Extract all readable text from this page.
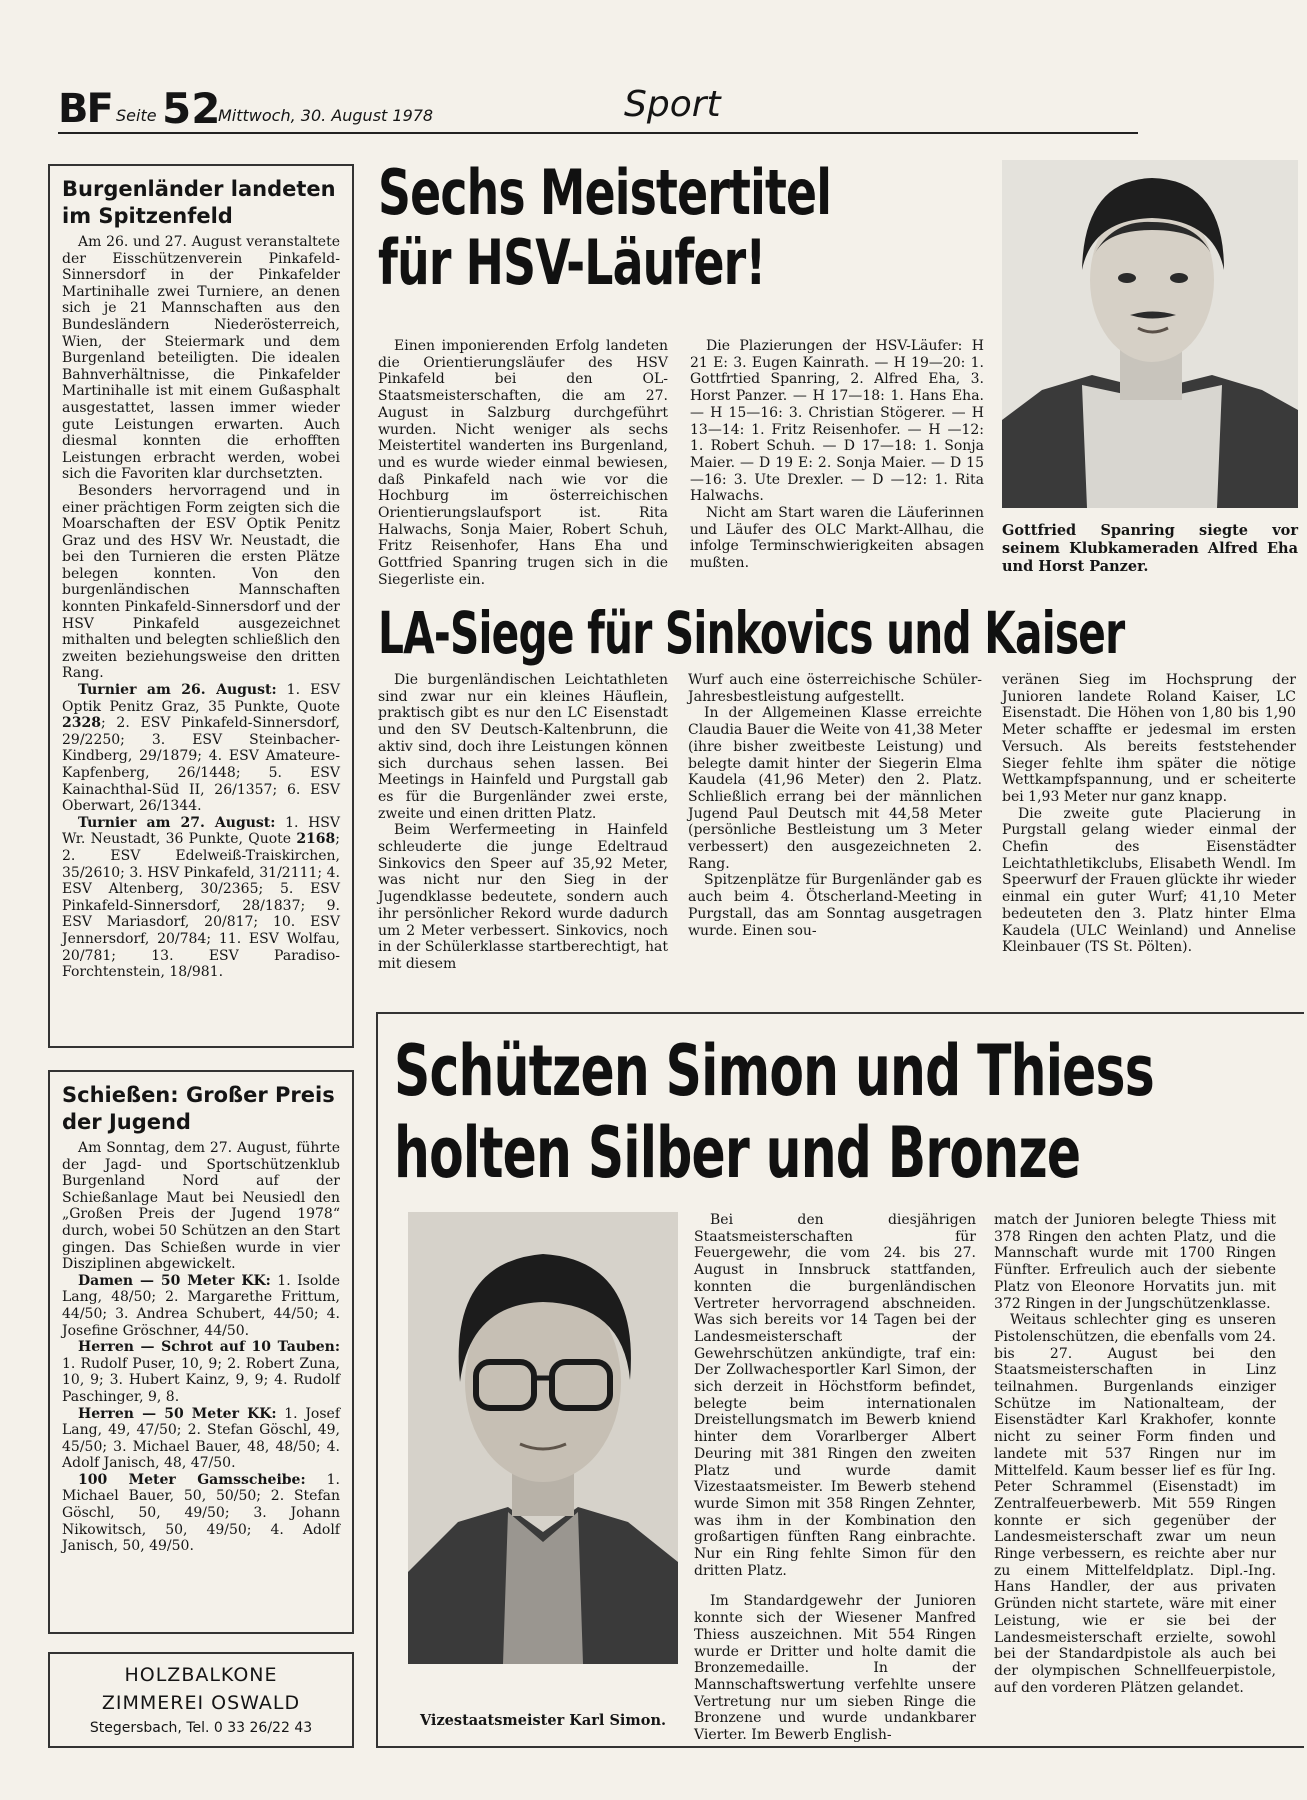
BF Seite 52
Mittwoch, 30. August 1978	Sport
Burgenländer landeten im Spitzenfeld

Am 26. und 27. August veranstaltete der Eisschützenverein Pinkafeld-Sinnersdorf in der Pinkafelder Martinihalle zwei Turniere, an denen sich je 21 Mannschaften aus den Bundesländern Niederösterreich, Wien, der Steiermark und dem Burgenland beteiligten. Die idealen Bahnverhältnisse, die Pinkafelder Martinihalle ist mit einem Gußasphalt ausgestattet, lassen immer wieder gute Leistungen erwarten. Auch diesmal konnten die erhofften Leistungen erbracht werden, wobei sich die Favoriten klar durchsetzten.

Besonders hervorragend und in einer prächtigen Form zeigten sich die Moarschaften der ESV Optik Penitz Graz und des HSV Wr. Neustadt, die bei den Turnieren die ersten Plätze belegen konnten. Von den burgenländischen Mannschaften konnten Pinkafeld-Sinnersdorf und der HSV Pinkafeld ausgezeichnet mithalten und belegten schließlich den zweiten beziehungsweise den dritten Rang.

Turnier am 26. August: 1. ESV Optik Penitz Graz, 35 Punkte, Quote 2328; 2. ESV Pinkafeld-Sinnersdorf, 29/2250; 3. ESV Steinbacher-Kindberg, 29/1879; 4. ESV Amateure-Kapfenberg, 26/1448; 5. ESV Kainachthal-Süd II, 26/1357; 6. ESV Oberwart, 26/1344.

Turnier am 27. August: 1. HSV Wr. Neustadt, 36 Punkte, Quote 2168; 2. ESV Edelweiß-Traiskirchen, 35/2610; 3. HSV Pinkafeld, 31/2111; 4. ESV Altenberg, 30/2365; 5. ESV Pinkafeld-Sinnersdorf, 28/1837; 9. ESV Mariasdorf, 20/817; 10. ESV Jennersdorf, 20/784; 11. ESV Wolfau, 20/781; 13. ESV Paradiso-Forchtenstein, 18/981.

Schießen: Großer Preis der Jugend

Am Sonntag, dem 27. August, führte der Jagd- und Sportschützenklub Burgenland Nord auf der Schießanlage Maut bei Neusiedl den „Großen Preis der Jugend 1978“ durch, wobei 50 Schützen an den Start gingen. Das Schießen wurde in vier Disziplinen abgewickelt.

Damen — 50 Meter KK: 1. Isolde Lang, 48/50; 2. Margarethe Frittum, 44/50; 3. Andrea Schubert, 44/50; 4. Josefine Gröschner, 44/50.

Herren — Schrot auf 10 Tauben: 1. Rudolf Puser, 10, 9; 2. Robert Zuna, 10, 9; 3. Hubert Kainz, 9, 9; 4. Rudolf Paschinger, 9, 8.

Herren — 50 Meter KK: 1. Josef Lang, 49, 47/50; 2. Stefan Göschl, 49, 45/50; 3. Michael Bauer, 48, 48/50; 4. Adolf Janisch, 48, 47/50.

100 Meter Gamsscheibe: 1. Michael Bauer, 50, 50/50; 2. Stefan Göschl, 50, 49/50; 3. Johann Nikowitsch, 50, 49/50; 4. Adolf Janisch, 50, 49/50.

HOLZBALKONE
ZIMMEREI OSWALD
Stegersbach, Tel. 0 33 26/22 43
Sechs Meistertitel
für HSV-Läufer!

Einen imponierenden Erfolg landeten die Orientierungsläufer des HSV Pinkafeld bei den OL-Staatsmeisterschaften, die am 27. August in Salzburg durchgeführt wurden. Nicht weniger als sechs Meistertitel wanderten ins Burgenland, und es wurde wieder einmal bewiesen, daß Pinkafeld nach wie vor die Hochburg im österreichischen Orientierungslaufsport ist. Rita Halwachs, Sonja Maier, Robert Schuh, Fritz Reisenhofer, Hans Eha und Gottfried Spanring trugen sich in die Siegerliste ein.

Die Plazierungen der HSV-Läufer: H 21 E: 3. Eugen Kainrath. — H 19—20: 1. Gottfrtied Spanring, 2. Alfred Eha, 3. Horst Panzer. — H 17—18: 1. Hans Eha. — H 15—16: 3. Christian Stögerer. — H 13—14: 1. Fritz Reisenhofer. — H —12: 1. Robert Schuh. — D 17—18: 1. Sonja Maier. — D 19 E: 2. Sonja Maier. — D 15—16: 3. Ute Drexler. — D —12: 1. Rita Halwachs.

Nicht am Start waren die Läuferinnen und Läufer des OLC Markt-Allhau, die infolge Terminschwierigkeiten absagen mußten.

Gottfried Spanring siegte vor seinem Klubkameraden Alfred Eha und Horst Panzer.
LA-Siege für Sinkovics und Kaiser

Die burgenländischen Leichtathleten sind zwar nur ein kleines Häuflein, praktisch gibt es nur den LC Eisenstadt und den SV Deutsch-Kaltenbrunn, die aktiv sind, doch ihre Leistungen können sich durchaus sehen lassen. Bei Meetings in Hainfeld und Purgstall gab es für die Burgenländer zwei erste, zweite und einen dritten Platz.

Beim Werfermeeting in Hainfeld schleuderte die junge Edeltraud Sinkovics den Speer auf 35,92 Meter, was nicht nur den Sieg in der Jugendklasse bedeutete, sondern auch ihr persönlicher Rekord wurde dadurch um 2 Meter verbessert. Sinkovics, noch in der Schülerklasse startberechtigt, hat mit diesem

Wurf auch eine österreichische Schüler-Jahresbestleistung aufgestellt.

In der Allgemeinen Klasse erreichte Claudia Bauer die Weite von 41,38 Meter (ihre bisher zweitbeste Leistung) und belegte damit hinter der Siegerin Elma Kaudela (41,96 Meter) den 2. Platz. Schließlich errang bei der männlichen Jugend Paul Deutsch mit 44,58 Meter (persönliche Bestleistung um 3 Meter verbessert) den ausgezeichneten 2. Rang.

Spitzenplätze für Burgenländer gab es auch beim 4. Ötscherland-Meeting in Purgstall, das am Sonntag ausgetragen wurde. Einen sou-

veränen Sieg im Hochsprung der Junioren landete Roland Kaiser, LC Eisenstadt. Die Höhen von 1,80 bis 1,90 Meter schaffte er jedesmal im ersten Versuch. Als bereits feststehender Sieger fehlte ihm später die nötige Wettkampfspannung, und er scheiterte bei 1,93 Meter nur ganz knapp.

Die zweite gute Placierung in Purgstall gelang wieder einmal der Chefin des Eisenstädter Leichtathletikclubs, Elisabeth Wendl. Im Speerwurf der Frauen glückte ihr wieder einmal ein guter Wurf; 41,10 Meter bedeuteten den 3. Platz hinter Elma Kaudela (ULC Weinland) und Annelise Kleinbauer (TS St. Pölten).

Schützen Simon und Thiess
holten Silber und Bronze
Vizestaatsmeister Karl Simon.

Bei den diesjährigen Staatsmeisterschaften für Feuergewehr, die vom 24. bis 27. August in Innsbruck stattfanden, konnten die burgenländischen Vertreter hervorragend abschneiden. Was sich bereits vor 14 Tagen bei der Landesmeisterschaft der Gewehrschützen ankündigte, traf ein: Der Zollwachesportler Karl Simon, der sich derzeit in Höchstform befindet, belegte beim internationalen Dreistellungsmatch im Bewerb kniend hinter dem Vorarlberger Albert Deuring mit 381 Ringen den zweiten Platz und wurde damit Vizestaatsmeister. Im Bewerb stehend wurde Simon mit 358 Ringen Zehnter, was ihm in der Kombination den großartigen fünften Rang einbrachte. Nur ein Ring fehlte Simon für den dritten Platz.

Im Standardgewehr der Junioren konnte sich der Wiesener Manfred Thiess auszeichnen. Mit 554 Ringen wurde er Dritter und holte damit die Bronzemedaille. In der Mannschaftswertung verfehlte unsere Vertretung nur um sieben Ringe die Bronzene und wurde undankbarer Vierter. Im Bewerb English-

match der Junioren belegte Thiess mit 378 Ringen den achten Platz, und die Mannschaft wurde mit 1700 Ringen Fünfter. Erfreulich auch der siebente Platz von Eleonore Horvatits jun. mit 372 Ringen in der Jungschützenklasse.

Weitaus schlechter ging es unseren Pistolenschützen, die ebenfalls vom 24. bis 27. August bei den Staatsmeisterschaften in Linz teilnahmen. Burgenlands einziger Schütze im Nationalteam, der Eisenstädter Karl Krakhofer, konnte nicht zu seiner Form finden und landete mit 537 Ringen nur im Mittelfeld. Kaum besser lief es für Ing. Peter Schrammel (Eisenstadt) im Zentralfeuerbewerb. Mit 559 Ringen konnte er sich gegenüber der Landesmeisterschaft zwar um neun Ringe verbessern, es reichte aber nur zu einem Mittelfeldplatz. Dipl.-Ing. Hans Handler, der aus privaten Gründen nicht startete, wäre mit einer Leistung, wie er sie bei der Landesmeisterschaft erzielte, sowohl bei der Standardpistole als auch bei der olympischen Schnellfeuerpistole, auf den vorderen Plätzen gelandet.
